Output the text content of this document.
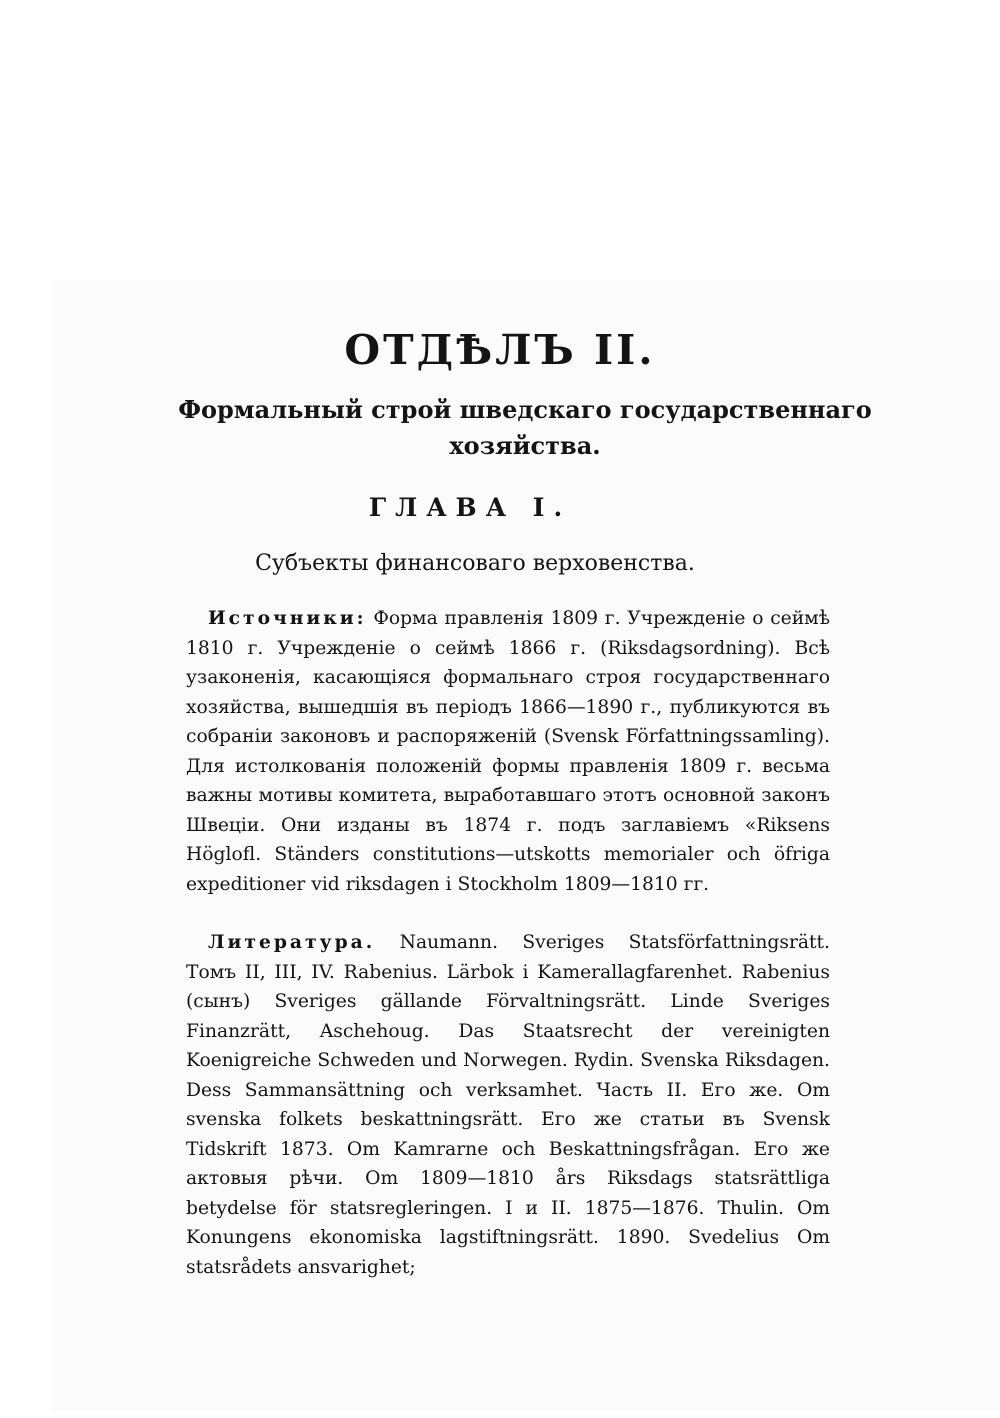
ОТДѢЛЪ II.
Формальный строй шведскаго государственнаго хозяйства.
ГЛАВА I.
Субъекты финансоваго верховенства.
Источники: Форма правленія 1809 г. Учрежденіе о сеймѣ 1810 г. Учрежденіе о сеймѣ 1866 г. (Riksdagsordning). Всѣ узаконенія, касающіяся формальнаго строя государственнаго хозяйства, вышедшія въ періодъ 1866—1890 г., публикуются въ собраніи законовъ и распоряженій (Svensk Författningssamling). Для истолкованія положеній формы правленія 1809 г. весьма важны мотивы комитета, выработавшаго этотъ основной законъ Швеціи. Они изданы въ 1874 г. подъ заглавіемъ «Riksens Höglofl. Ständers constitutions—utskotts memorialer och öfriga expeditioner vid riksdagen i Stockholm 1809—1810 гг.
Литература. Naumann. Sveriges Statsförfattningsrätt. Томъ II, III, IV. Rabenius. Lärbok i Kamerallagfarenhet. Rabenius (сынъ) Sveriges gällande Förvaltningsrätt. Linde Sveriges Finanzrätt, Aschehoug. Das Staatsrecht der vereinigten Koenigreiche Schweden und Norwegen. Rydin. Svenska Riksdagen. Dess Sammansättning och verksamhet. Часть II. Его же. Om svenska folkets beskattningsrätt. Его же статьи въ Svensk Tidskrift 1873. Om Kamrarne och Beskattningsfrågan. Его же актовыя рѣчи. Om 1809—1810 års Riksdags statsrättliga betydelse för statsregleringen. I и II. 1875—1876. Thulin. Om Konungens ekonomiska lagstiftningsrätt. 1890. Svedelius Om statsrådets ansvarighet;
